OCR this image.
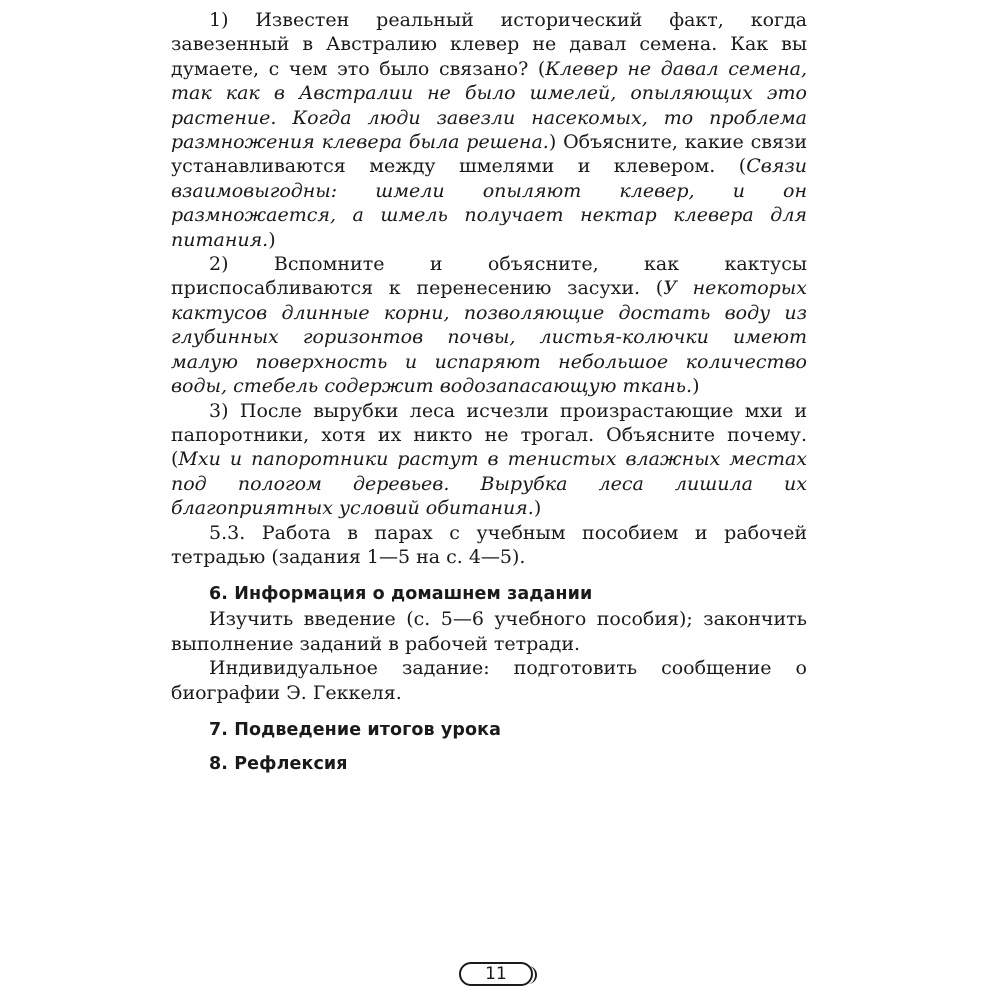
1) Известен реальный исторический факт, когда завезенный в Австралию клевер не давал семена. Как вы думаете, с чем это было связано? (Клевер не давал семена, так как в Австралии не было шмелей, опыляющих это растение. Когда люди завезли насекомых, то проблема размножения клевера была решена.) Объясните, какие связи устанавливаются между шмелями и клевером. (Связи взаимовыгодны: шмели опыляют клевер, и он размножается, а шмель получает нектар клевера для питания.)

2) Вспомните и объясните, как кактусы приспосабливаются к перенесению засухи. (У некоторых кактусов длинные корни, позволяющие достать воду из глубинных горизонтов почвы, листья-колючки имеют малую поверхность и испаряют небольшое количество воды, стебель содержит водозапасающую ткань.)

3) После вырубки леса исчезли произрастающие мхи и папоротники, хотя их никто не трогал. Объясните почему. (Мхи и папоротники растут в тенистых влажных местах под пологом деревьев. Вырубка леса лишила их благоприятных условий обитания.)

5.3. Работа в парах с учебным пособием и рабочей тетрадью (задания 1—5 на с. 4—5).

6. Информация о домашнем задании

Изучить введение (с. 5—6 учебного пособия); закончить выполнение заданий в рабочей тетради.

Индивидуальное задание: подготовить сообщение о биографии Э. Геккеля.

7. Подведение итогов урока
8. Рефлексия
11
